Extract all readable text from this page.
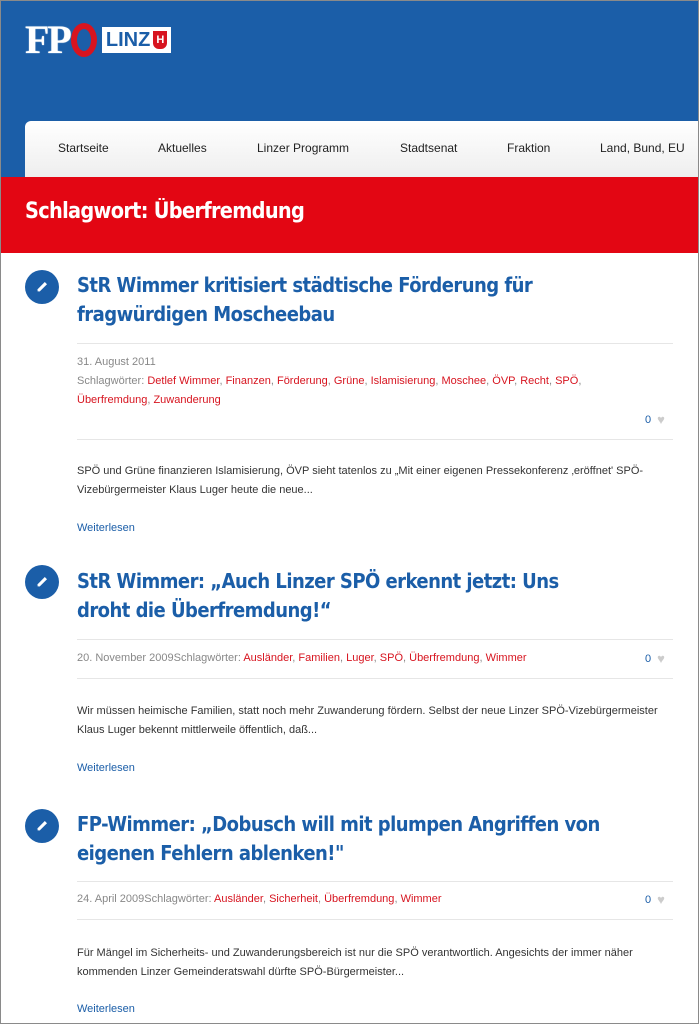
FP LINZ H
Startseite	Aktuelles	Linzer Programm	Stadtsenat	Fraktion	Land, Bund, EU
Schlagwort: Überfremdung
StR Wimmer kritisiert städtische Förderung für fragwürdigen Moscheebau
31. August 2011
Schlagwörter: Detlef Wimmer, Finanzen, Förderung, Grüne, Islamisierung, Moschee, ÖVP, Recht, SPÖ,
Überfremdung, Zuwanderung
0 ♥
SPÖ und Grüne finanzieren Islamisierung, ÖVP sieht tatenlos zu „Mit einer eigenen Pressekonferenz ‚eröffnet' SPÖ-Vizebürgermeister Klaus Luger heute die neue...
Weiterlesen
StR Wimmer: „Auch Linzer SPÖ erkennt jetzt: Uns droht die Überfremdung!“
20. November 2009Schlagwörter: Ausländer, Familien, Luger, SPÖ, Überfremdung, Wimmer	0 ♥
Wir müssen heimische Familien, statt noch mehr Zuwanderung fördern. Selbst der neue Linzer SPÖ-Vizebürgermeister Klaus Luger bekennt mittlerweile öffentlich, daß...
Weiterlesen
FP-Wimmer: „Dobusch will mit plumpen Angriffen von eigenen Fehlern ablenken!"
24. April 2009Schlagwörter: Ausländer, Sicherheit, Überfremdung, Wimmer	0 ♥
Für Mängel im Sicherheits- und Zuwanderungsbereich ist nur die SPÖ verantwortlich. Angesichts der immer näher kommenden Linzer Gemeinderatswahl dürfte SPÖ-Bürgermeister...
Weiterlesen
